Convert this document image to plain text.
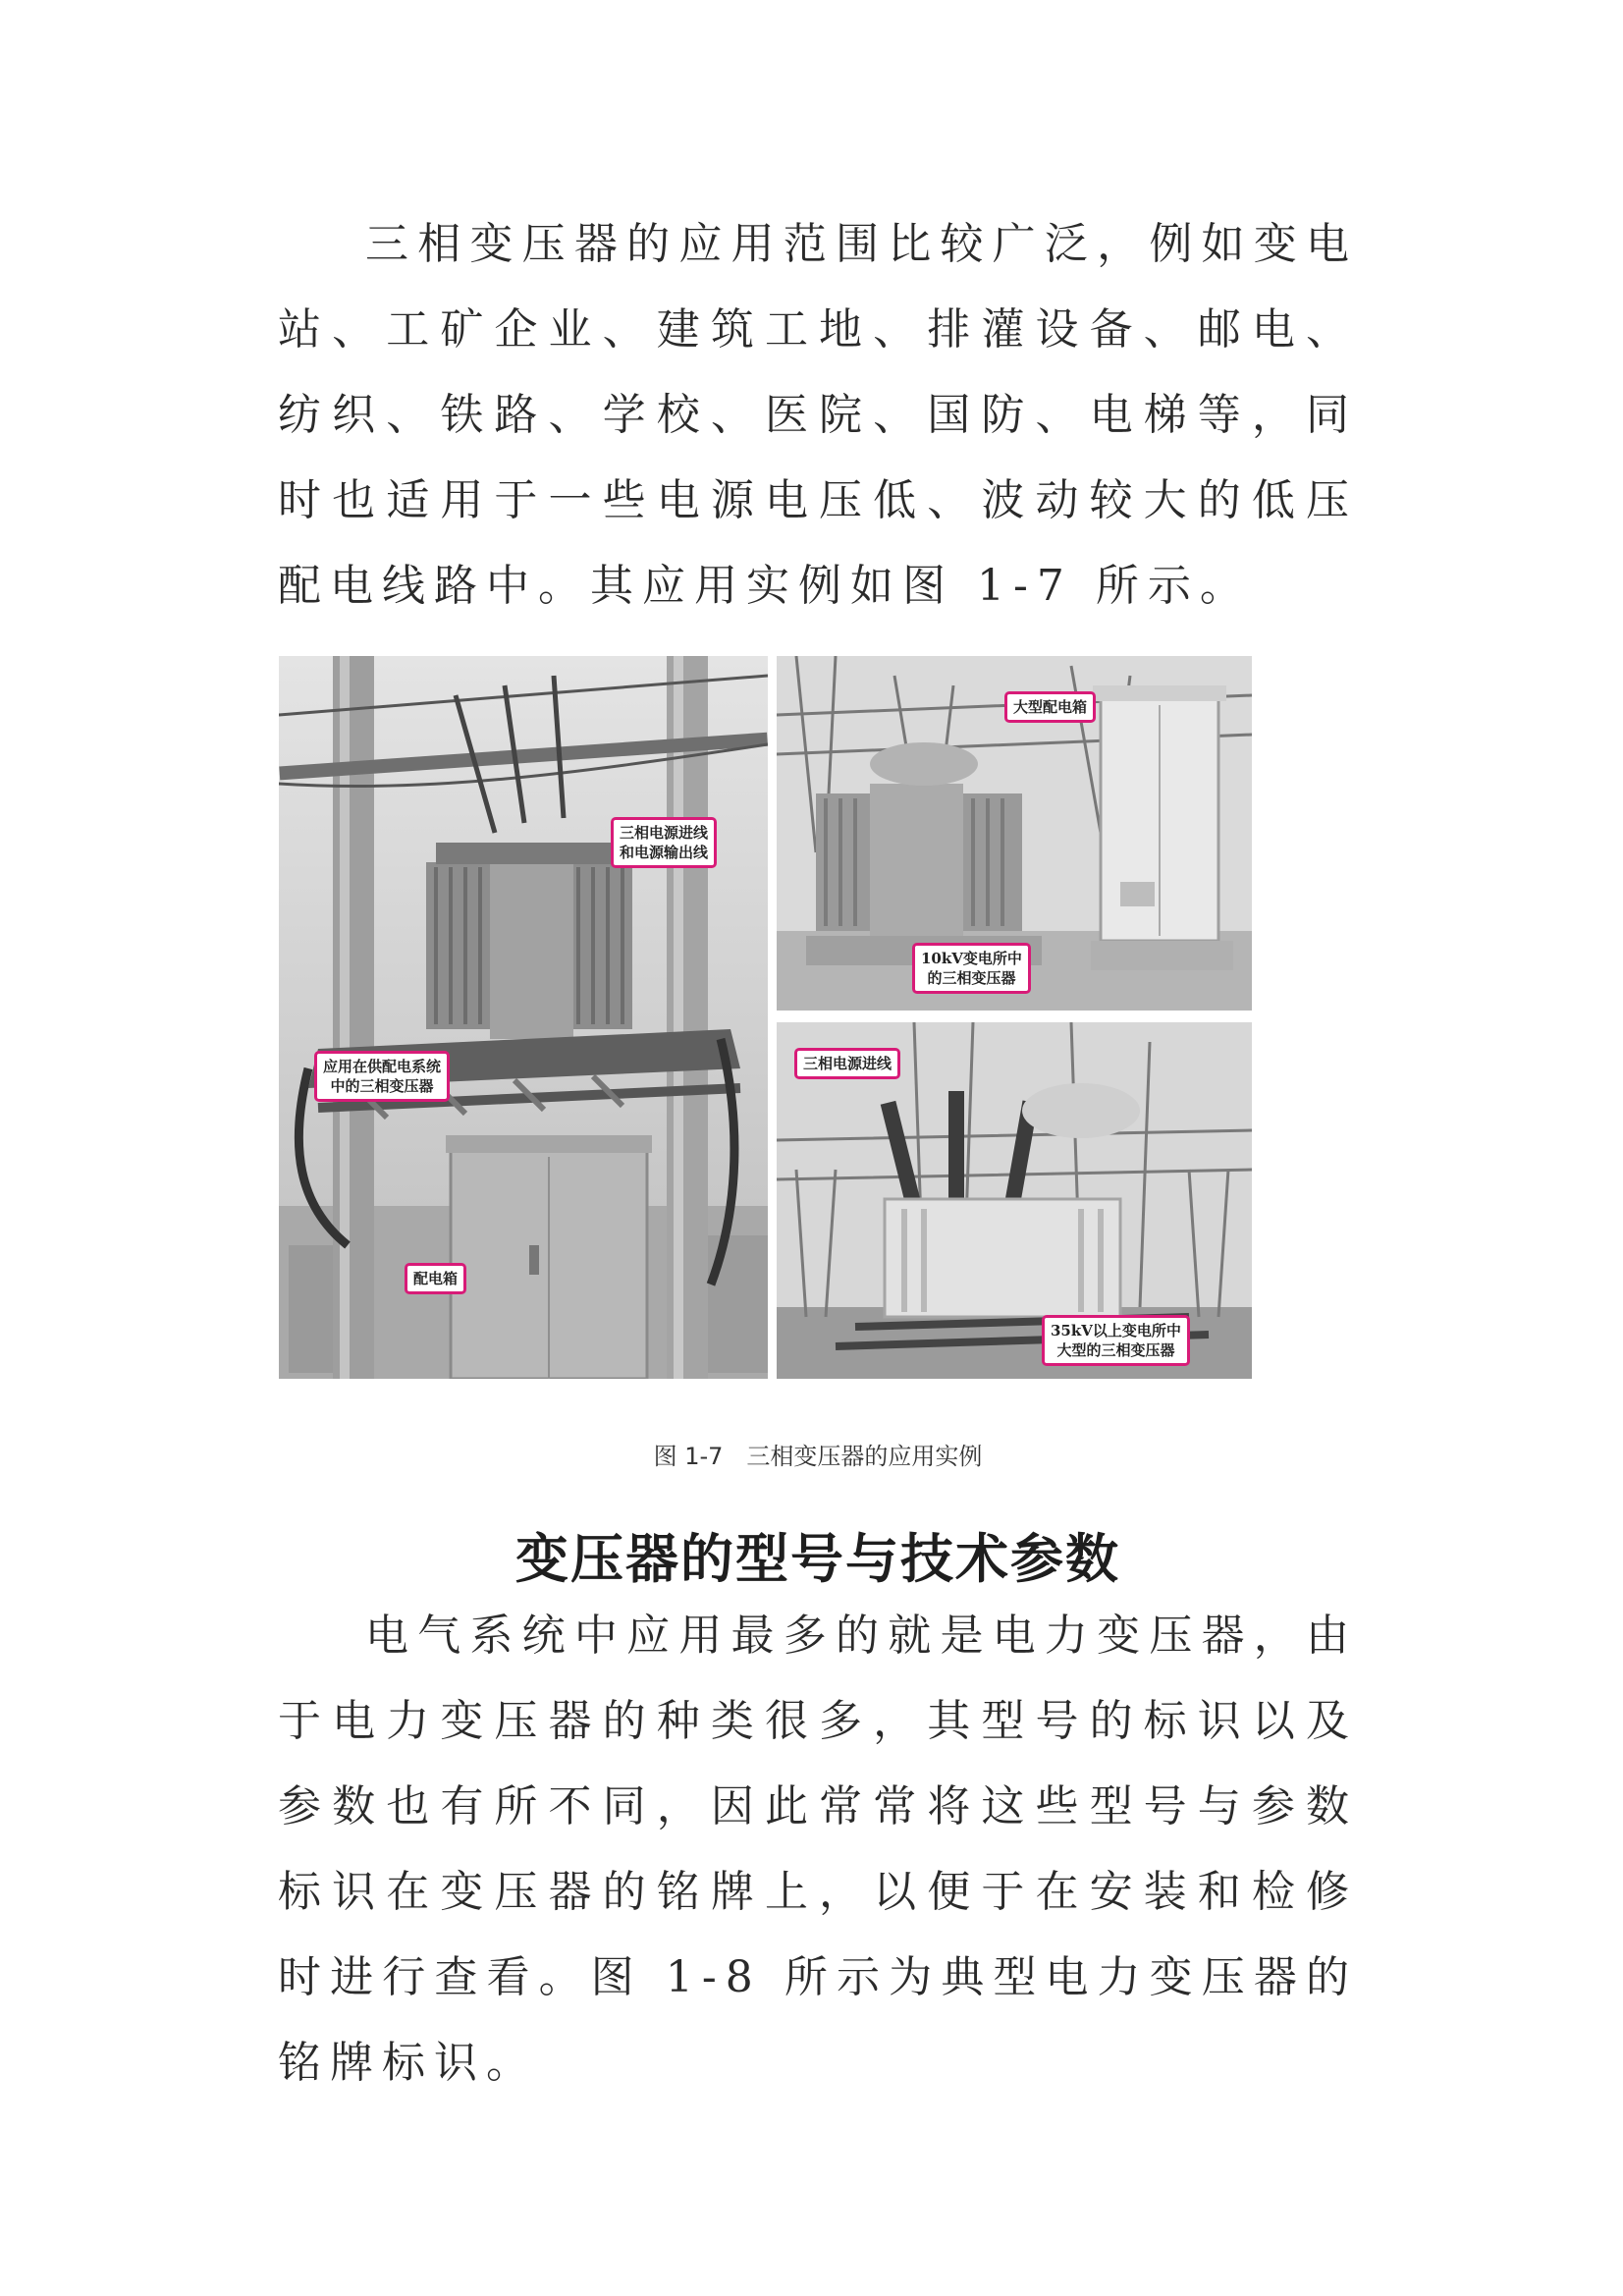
三相变压器的应用范围比较广泛，例如变电站、工矿企业、建筑工地、排灌设备、邮电、纺织、铁路、学校、医院、国防、电梯等，同时也适用于一些电源电压低、波动较大的低压配电线路中。其应用实例如图 1-7 所示。

三相电源进线
和电源输出线
应用在供配电系统
中的三相变压器
配电箱
大型配电箱
10kV变电所中
的三相变压器
三相电源进线
35kV以上变电所中
大型的三相变压器
图 1-7　三相变压器的应用实例
变压器的型号与技术参数

电气系统中应用最多的就是电力变压器，由于电力变压器的种类很多，其型号的标识以及参数也有所不同，因此常常将这些型号与参数标识在变压器的铭牌上，以便于在安装和检修时进行查看。图 1-8 所示为典型电力变压器的铭牌标识。
